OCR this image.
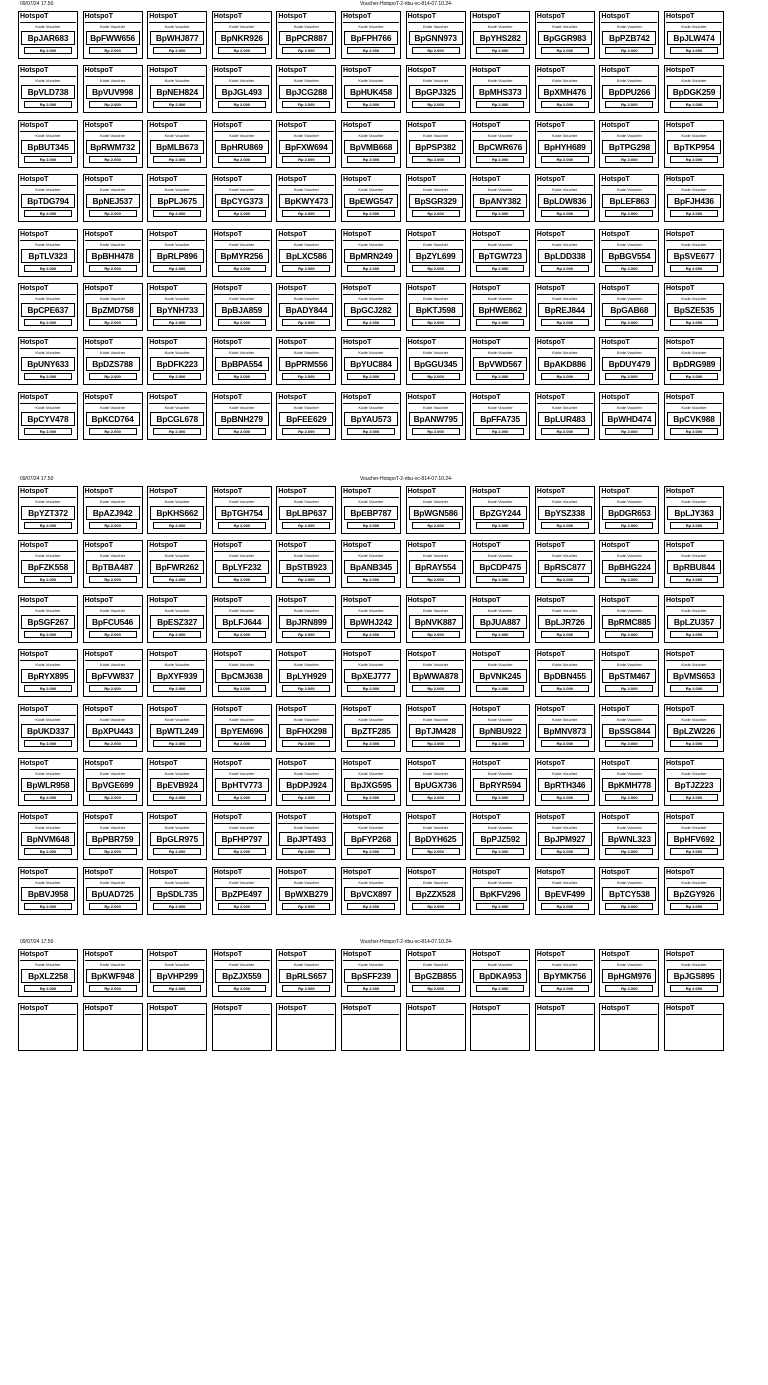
09/07/24 17.50	Voucher-HotspoT-2-ribu-vc-814-07.10.24-
HotspoT
Kode Voucher
BpJAR683
Rp 2.000
HotspoT
Kode Voucher
BpFWW656
Rp 2.000
HotspoT
Kode Voucher
BpWHJ877
Rp 2.000
HotspoT
Kode Voucher
BpNKR926
Rp 2.000
HotspoT
Kode Voucher
BpPCR887
Rp 2.000
HotspoT
Kode Voucher
BpFPH766
Rp 2.000
HotspoT
Kode Voucher
BpGNN973
Rp 2.000
HotspoT
Kode Voucher
BpYHS282
Rp 2.000
HotspoT
Kode Voucher
BpGGR983
Rp 2.000
HotspoT
Kode Voucher
BpPZB742
Rp 2.000
HotspoT
Kode Voucher
BpJLW474
Rp 2.000
HotspoT
Kode Voucher
BpVLD738
Rp 2.000
HotspoT
Kode Voucher
BpVUV998
Rp 2.000
HotspoT
Kode Voucher
BpNEH824
Rp 2.000
HotspoT
Kode Voucher
BpJGL493
Rp 2.000
HotspoT
Kode Voucher
BpJCG288
Rp 2.000
HotspoT
Kode Voucher
BpHUK458
Rp 2.000
HotspoT
Kode Voucher
BpGPJ325
Rp 2.000
HotspoT
Kode Voucher
BpMHS373
Rp 2.000
HotspoT
Kode Voucher
BpXMH476
Rp 2.000
HotspoT
Kode Voucher
BpDPU266
Rp 2.000
HotspoT
Kode Voucher
BpDGK259
Rp 2.000
HotspoT
Kode Voucher
BpBUT345
Rp 2.000
HotspoT
Kode Voucher
BpRWM732
Rp 2.000
HotspoT
Kode Voucher
BpMLB673
Rp 2.000
HotspoT
Kode Voucher
BpHRU869
Rp 2.000
HotspoT
Kode Voucher
BpFXW694
Rp 2.000
HotspoT
Kode Voucher
BpVMB668
Rp 2.000
HotspoT
Kode Voucher
BpPSP382
Rp 2.000
HotspoT
Kode Voucher
BpCWR676
Rp 2.000
HotspoT
Kode Voucher
BpHYH689
Rp 2.000
HotspoT
Kode Voucher
BpTPG298
Rp 2.000
HotspoT
Kode Voucher
BpTKP954
Rp 2.000
HotspoT
Kode Voucher
BpTDG794
Rp 2.000
HotspoT
Kode Voucher
BpNEJ537
Rp 2.000
HotspoT
Kode Voucher
BpPLJ675
Rp 2.000
HotspoT
Kode Voucher
BpCYG373
Rp 2.000
HotspoT
Kode Voucher
BpKWY473
Rp 2.000
HotspoT
Kode Voucher
BpEWG547
Rp 2.000
HotspoT
Kode Voucher
BpSGR329
Rp 2.000
HotspoT
Kode Voucher
BpANY382
Rp 2.000
HotspoT
Kode Voucher
BpLDW836
Rp 2.000
HotspoT
Kode Voucher
BpLEF863
Rp 2.000
HotspoT
Kode Voucher
BpFJH436
Rp 2.000
HotspoT
Kode Voucher
BpTLV323
Rp 2.000
HotspoT
Kode Voucher
BpBHH478
Rp 2.000
HotspoT
Kode Voucher
BpRLP896
Rp 2.000
HotspoT
Kode Voucher
BpMYR256
Rp 2.000
HotspoT
Kode Voucher
BpLXC586
Rp 2.000
HotspoT
Kode Voucher
BpMRN249
Rp 2.000
HotspoT
Kode Voucher
BpZYL699
Rp 2.000
HotspoT
Kode Voucher
BpTGW723
Rp 2.000
HotspoT
Kode Voucher
BpLDD338
Rp 2.000
HotspoT
Kode Voucher
BpBGV554
Rp 2.000
HotspoT
Kode Voucher
BpSVE677
Rp 2.000
HotspoT
Kode Voucher
BpCPE637
Rp 2.000
HotspoT
Kode Voucher
BpZMD758
Rp 2.000
HotspoT
Kode Voucher
BpYNH733
Rp 2.000
HotspoT
Kode Voucher
BpBJA859
Rp 2.000
HotspoT
Kode Voucher
BpADY844
Rp 2.000
HotspoT
Kode Voucher
BpGCJ282
Rp 2.000
HotspoT
Kode Voucher
BpKTJ598
Rp 2.000
HotspoT
Kode Voucher
BpHWE862
Rp 2.000
HotspoT
Kode Voucher
BpREJ844
Rp 2.000
HotspoT
Kode Voucher
BpGAB68
Rp 2.000
HotspoT
Kode Voucher
BpSZE535
Rp 2.000
HotspoT
Kode Voucher
BpUNY633
Rp 2.000
HotspoT
Kode Voucher
BpDZS788
Rp 2.000
HotspoT
Kode Voucher
BpDFK223
Rp 2.000
HotspoT
Kode Voucher
BpBPA554
Rp 2.000
HotspoT
Kode Voucher
BpPRM556
Rp 2.000
HotspoT
Kode Voucher
BpYUC884
Rp 2.000
HotspoT
Kode Voucher
BpGGU345
Rp 2.000
HotspoT
Kode Voucher
BpVWD567
Rp 2.000
HotspoT
Kode Voucher
BpAKD886
Rp 2.000
HotspoT
Kode Voucher
BpDUY479
Rp 2.000
HotspoT
Kode Voucher
BpDRG989
Rp 2.000
HotspoT
Kode Voucher
BpCYV478
Rp 2.000
HotspoT
Kode Voucher
BpKCD764
Rp 2.000
HotspoT
Kode Voucher
BpCGL678
Rp 2.000
HotspoT
Kode Voucher
BpBNH279
Rp 2.000
HotspoT
Kode Voucher
BpFEE629
Rp 2.000
HotspoT
Kode Voucher
BpYAU573
Rp 2.000
HotspoT
Kode Voucher
BpANW795
Rp 2.000
HotspoT
Kode Voucher
BpFFA735
Rp 2.000
HotspoT
Kode Voucher
BpLUR483
Rp 2.000
HotspoT
Kode Voucher
BpWHD474
Rp 2.000
HotspoT
Kode Voucher
BpCVK988
Rp 2.000
09/07/24 17.50	Voucher-HotspoT-2-ribu-vc-814-07.10.24-
HotspoT
Kode Voucher
BpYZT372
Rp 2.000
HotspoT
Kode Voucher
BpAZJ942
Rp 2.000
HotspoT
Kode Voucher
BpKHS662
Rp 2.000
HotspoT
Kode Voucher
BpTGH754
Rp 2.000
HotspoT
Kode Voucher
BpLBP637
Rp 2.000
HotspoT
Kode Voucher
BpEBP787
Rp 2.000
HotspoT
Kode Voucher
BpWGN586
Rp 2.000
HotspoT
Kode Voucher
BpZGY244
Rp 2.000
HotspoT
Kode Voucher
BpYSZ338
Rp 2.000
HotspoT
Kode Voucher
BpDGR653
Rp 2.000
HotspoT
Kode Voucher
BpLJY363
Rp 2.000
HotspoT
Kode Voucher
BpFZK558
Rp 2.000
HotspoT
Kode Voucher
BpTBA487
Rp 2.000
HotspoT
Kode Voucher
BpFWR262
Rp 2.000
HotspoT
Kode Voucher
BpLYF232
Rp 2.000
HotspoT
Kode Voucher
BpSTB923
Rp 2.000
HotspoT
Kode Voucher
BpANB345
Rp 2.000
HotspoT
Kode Voucher
BpRAY554
Rp 2.000
HotspoT
Kode Voucher
BpCDP475
Rp 2.000
HotspoT
Kode Voucher
BpRSC877
Rp 2.000
HotspoT
Kode Voucher
BpBHG224
Rp 2.000
HotspoT
Kode Voucher
BpRBU844
Rp 2.000
HotspoT
Kode Voucher
BpSGF267
Rp 2.000
HotspoT
Kode Voucher
BpFCU546
Rp 2.000
HotspoT
Kode Voucher
BpESZ327
Rp 2.000
HotspoT
Kode Voucher
BpLFJ644
Rp 2.000
HotspoT
Kode Voucher
BpJRN899
Rp 2.000
HotspoT
Kode Voucher
BpWHJ242
Rp 2.000
HotspoT
Kode Voucher
BpNVK887
Rp 2.000
HotspoT
Kode Voucher
BpJUA887
Rp 2.000
HotspoT
Kode Voucher
BpLJR726
Rp 2.000
HotspoT
Kode Voucher
BpRMC885
Rp 2.000
HotspoT
Kode Voucher
BpLZU357
Rp 2.000
HotspoT
Kode Voucher
BpRYX895
Rp 2.000
HotspoT
Kode Voucher
BpFVW837
Rp 2.000
HotspoT
Kode Voucher
BpXYF939
Rp 2.000
HotspoT
Kode Voucher
BpCMJ638
Rp 2.000
HotspoT
Kode Voucher
BpLYH929
Rp 2.000
HotspoT
Kode Voucher
BpXEJ777
Rp 2.000
HotspoT
Kode Voucher
BpWWA878
Rp 2.000
HotspoT
Kode Voucher
BpVNK245
Rp 2.000
HotspoT
Kode Voucher
BpDBN455
Rp 2.000
HotspoT
Kode Voucher
BpSTM467
Rp 2.000
HotspoT
Kode Voucher
BpVMS653
Rp 2.000
HotspoT
Kode Voucher
BpUKD337
Rp 2.000
HotspoT
Kode Voucher
BpXPU443
Rp 2.000
HotspoT
Kode Voucher
BpWTL249
Rp 2.000
HotspoT
Kode Voucher
BpYEM696
Rp 2.000
HotspoT
Kode Voucher
BpFHX298
Rp 2.000
HotspoT
Kode Voucher
BpZTF285
Rp 2.000
HotspoT
Kode Voucher
BpTJM428
Rp 2.000
HotspoT
Kode Voucher
BpNBU922
Rp 2.000
HotspoT
Kode Voucher
BpMNV873
Rp 2.000
HotspoT
Kode Voucher
BpSSG844
Rp 2.000
HotspoT
Kode Voucher
BpLZW226
Rp 2.000
HotspoT
Kode Voucher
BpWLR958
Rp 2.000
HotspoT
Kode Voucher
BpVGE699
Rp 2.000
HotspoT
Kode Voucher
BpEVB924
Rp 2.000
HotspoT
Kode Voucher
BpHTV773
Rp 2.000
HotspoT
Kode Voucher
BpDPJ924
Rp 2.000
HotspoT
Kode Voucher
BpJXG595
Rp 2.000
HotspoT
Kode Voucher
BpUGX736
Rp 2.000
HotspoT
Kode Voucher
BpRYR594
Rp 2.000
HotspoT
Kode Voucher
BpRTH346
Rp 2.000
HotspoT
Kode Voucher
BpKMH778
Rp 2.000
HotspoT
Kode Voucher
BpTJZ223
Rp 2.000
HotspoT
Kode Voucher
BpNVM648
Rp 2.000
HotspoT
Kode Voucher
BpPBR759
Rp 2.000
HotspoT
Kode Voucher
BpGLR975
Rp 2.000
HotspoT
Kode Voucher
BpFHP797
Rp 2.000
HotspoT
Kode Voucher
BpJPT493
Rp 2.000
HotspoT
Kode Voucher
BpFYP268
Rp 2.000
HotspoT
Kode Voucher
BpDYH625
Rp 2.000
HotspoT
Kode Voucher
BpPJZ592
Rp 2.000
HotspoT
Kode Voucher
BpJPM927
Rp 2.000
HotspoT
Kode Voucher
BpWNL323
Rp 2.000
HotspoT
Kode Voucher
BpHFV692
Rp 2.000
HotspoT
Kode Voucher
BpBVJ958
Rp 2.000
HotspoT
Kode Voucher
BpUAD725
Rp 2.000
HotspoT
Kode Voucher
BpSDL735
Rp 2.000
HotspoT
Kode Voucher
BpZPE497
Rp 2.000
HotspoT
Kode Voucher
BpWXB279
Rp 2.000
HotspoT
Kode Voucher
BpVCX897
Rp 2.000
HotspoT
Kode Voucher
BpZZX528
Rp 2.000
HotspoT
Kode Voucher
BpKFV296
Rp 2.000
HotspoT
Kode Voucher
BpEVF499
Rp 2.000
HotspoT
Kode Voucher
BpTCY538
Rp 2.000
HotspoT
Kode Voucher
BpZGY926
Rp 2.000
09/07/24 17.50	Voucher-HotspoT-2-ribu-vc-814-07.10.24-
HotspoT
Kode Voucher
BpXLZ258
Rp 2.000
HotspoT
Kode Voucher
BpKWF948
Rp 2.000
HotspoT
Kode Voucher
BpVHP299
Rp 2.000
HotspoT
Kode Voucher
BpZJX559
Rp 2.000
HotspoT
Kode Voucher
BpRLS657
Rp 2.000
HotspoT
Kode Voucher
BpSFF239
Rp 2.000
HotspoT
Kode Voucher
BpGZB855
Rp 2.000
HotspoT
Kode Voucher
BpDKA953
Rp 2.000
HotspoT
Kode Voucher
BpYMK756
Rp 2.000
HotspoT
Kode Voucher
BpHGM976
Rp 2.000
HotspoT
Kode Voucher
BpJGS895
Rp 2.000
HotspoT	HotspoT	HotspoT	HotspoT	HotspoT	HotspoT	HotspoT	HotspoT	HotspoT	HotspoT	HotspoT
